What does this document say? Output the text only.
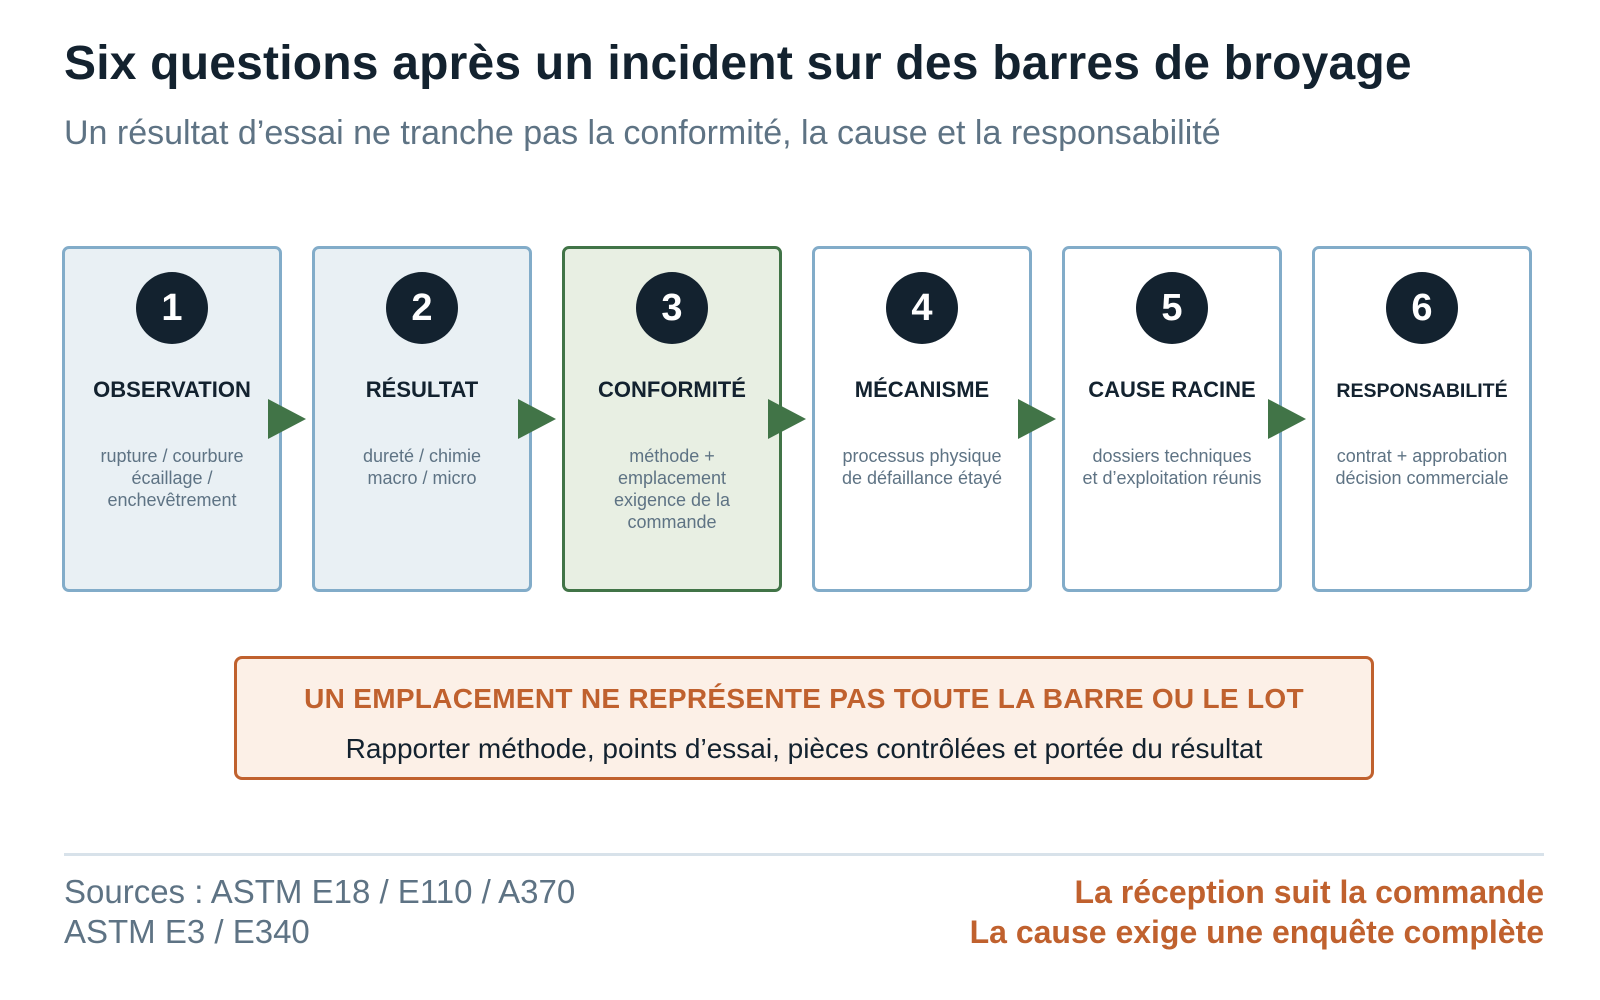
Six questions après un incident sur des barres de broyage

Un résultat d’essai ne tranche pas la conformité, la cause et la responsabilité

1
OBSERVATION
rupture / courbure
écaillage /
enchevêtrement
2
RÉSULTAT
dureté / chimie
macro / micro
3
CONFORMITÉ
méthode +
emplacement
exigence de la
commande
4
MÉCANISME
processus physique
de défaillance étayé
5
CAUSE RACINE
dossiers techniques
et d’exploitation réunis
6
RESPONSABILITÉ
contrat + approbation
décision commerciale
UN EMPLACEMENT NE REPRÉSENTE PAS TOUTE LA BARRE OU LE LOT
Rapporter méthode, points d’essai, pièces contrôlées et portée du résultat
Sources : ASTM E18 / E110 / A370
ASTM E3 / E340
La réception suit la commande
La cause exige une enquête complète
